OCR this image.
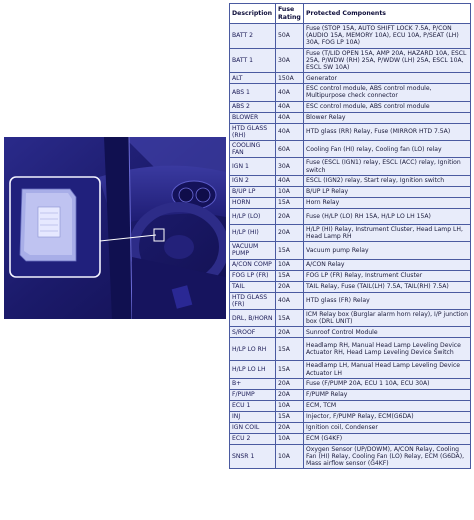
Description	Fuse Rating	Protected Components
BATT 2	50A	Fuse (STOP 15A, AUTO SHIFT LOCK 7.5A, P/CON (AUDIO 15A, MEMORY 10A), ECU 10A, P/SEAT (LH) 30A, FOG LP 10A)
BATT 1	30A	Fuse (T/LID OPEN 15A, AMP 20A, HAZARD 10A, ESCL 25A, P/WDW (RH) 25A, P/WDW (LH) 25A, ESCL 10A, ESCL SW 10A)
ALT	150A	Generator
ABS 1	40A	ESC control module, ABS control module, Multipurpose check connector
ABS 2	40A	ESC control module, ABS control module
BLOWER	40A	Blower Relay
HTD GLASS (RH)	40A	HTD glass (RR) Relay, Fuse (MIRROR HTD 7.5A)
COOLING FAN	60A	Cooling Fan (HI) relay, Cooling fan (LO) relay
IGN 1	30A	Fuse (ESCL (IGN1) relay, ESCL (ACC) relay, Ignition switch
IGN 2	40A	ESCL (IGN2) relay, Start relay, Ignition switch
B/UP LP	10A	B/UP LP Relay
HORN	15A	Horn Relay
H/LP (LO)	20A	Fuse (H/LP (LO) RH 15A, H/LP LO LH 15A)
H/LP (HI)	20A	H/LP (HI) Relay, Instrument Cluster, Head Lamp LH, Head Lamp RH
VACUUM PUMP	15A	Vacuum pump Relay
A/CON COMP	10A	A/CON Relay
FOG LP (FR)	15A	FOG LP (FR) Relay, Instrument Cluster
TAIL	20A	TAIL Relay, Fuse (TAIL(LH) 7.5A, TAIL(RH) 7.5A)
HTD GLASS (FR)	40A	HTD glass (FR) Relay
DRL, B/HORN	15A	ICM Relay box (Burglar alarm horn relay), I/P junction box (DRL UNIT)
S/ROOF	20A	Sunroof Control Module
H/LP LO RH	15A	Headlamp RH, Manual Head Lamp Leveling Device Actuator RH, Head Lamp Leveling Device Switch
H/LP LO LH	15A	Headlamp LH, Manual Head Lamp Leveling Device Actuator LH
B+	20A	Fuse (F/PUMP 20A, ECU 1 10A, ECU 30A)
F/PUMP	20A	F/PUMP Relay
ECU 1	10A	ECM, TCM
INJ	15A	Injector, F/PUMP Relay, ECM(G6DA)
IGN COIL	20A	Ignition coil, Condenser
ECU 2	10A	ECM (G4KF)
SNSR 1	10A	Oxygen Sensor (UP/DOWM), A/CON Relay, Cooling Fan (HI) Relay, Cooling Fan (LO) Relay, ECM (G6DA), Mass airflow sensor (G4KF)
